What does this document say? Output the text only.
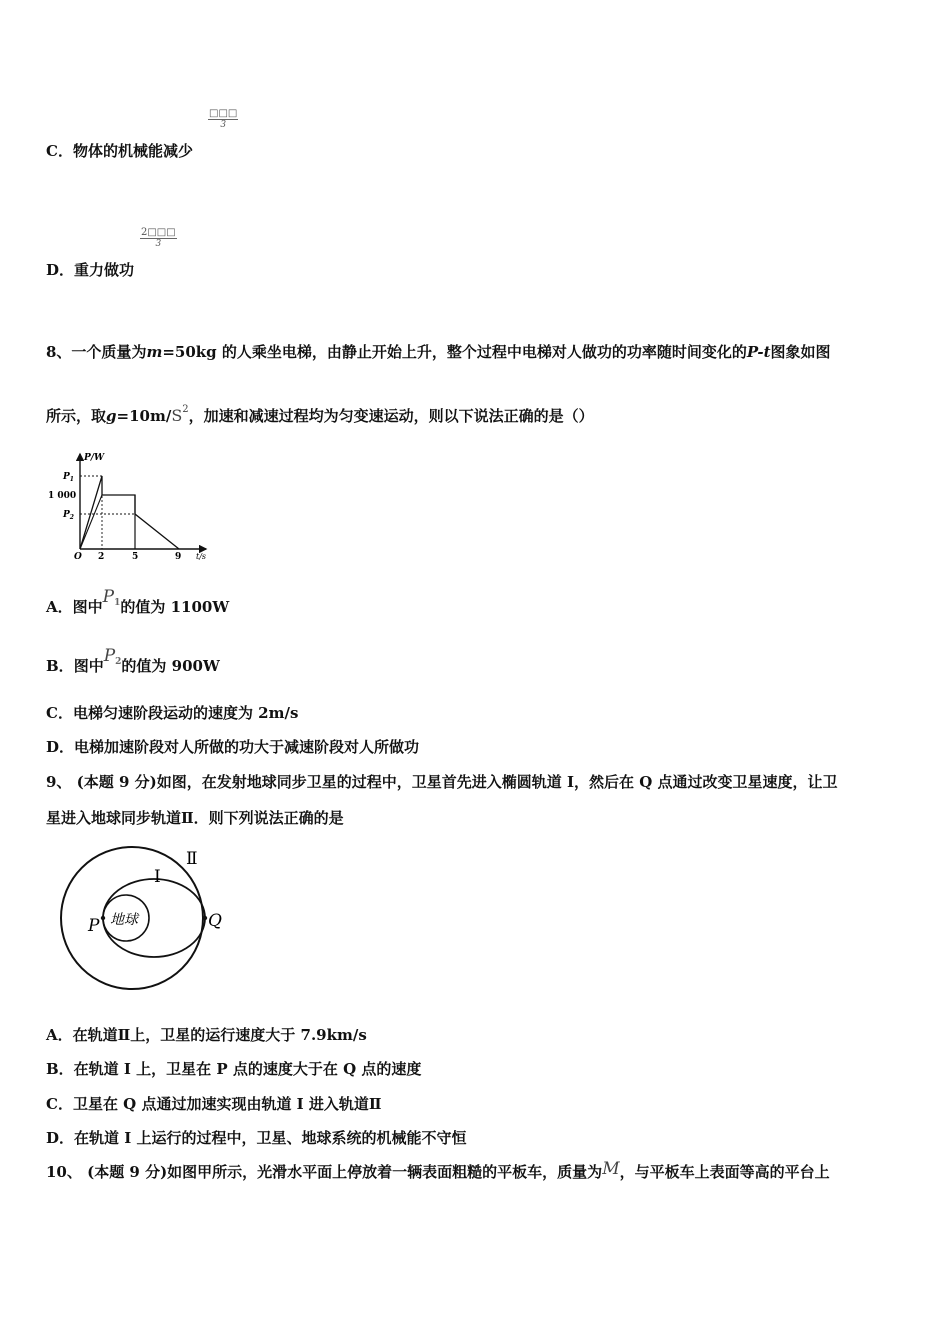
□□□
3
C．物体的机械能减少
$\frac{2□□□}{3}$
D．重力做功
8、一个质量为m=50kg 的人乘坐电梯，由静止开始上升，整个过程中电梯对人做功的功率随时间变化的P-t图象如图
所示，取$g=10m/S^2$，加速和减速过程均为匀变速运动，则以下说法正确的是（）
P/W
t/s
$P_1$
1 000
$P_2$
O 2	5	9
A．图中$P^1$的值为 1100W
B．图中$P^2$的值为 900W
C．电梯匀速阶段运动的速度为 2m/s
D．电梯加速阶段对人所做的功大于减速阶段对人所做功
9、 (本题 9 分)如图，在发射地球同步卫星的过程中，卫星首先进入椭圆轨道 I，然后在 Q 点通过改变卫星速度，让卫
星进入地球同步轨道Ⅱ．则下列说法正确的是
地球
Ⅱ
I
P	Q
A．在轨道Ⅱ上，卫星的运行速度大于 7.9km/s
B．在轨道 I 上，卫星在 P 点的速度大于在 Q 点的速度
C．卫星在 Q 点通过加速实现由轨道 I 进入轨道Ⅱ
D．在轨道 I 上运行的过程中，卫星、地球系统的机械能不守恒
10、 (本题 9 分)如图甲所示，光滑水平面上停放着一辆表面粗糙的平板车，质量为M，与平板车上表面等高的平台上
